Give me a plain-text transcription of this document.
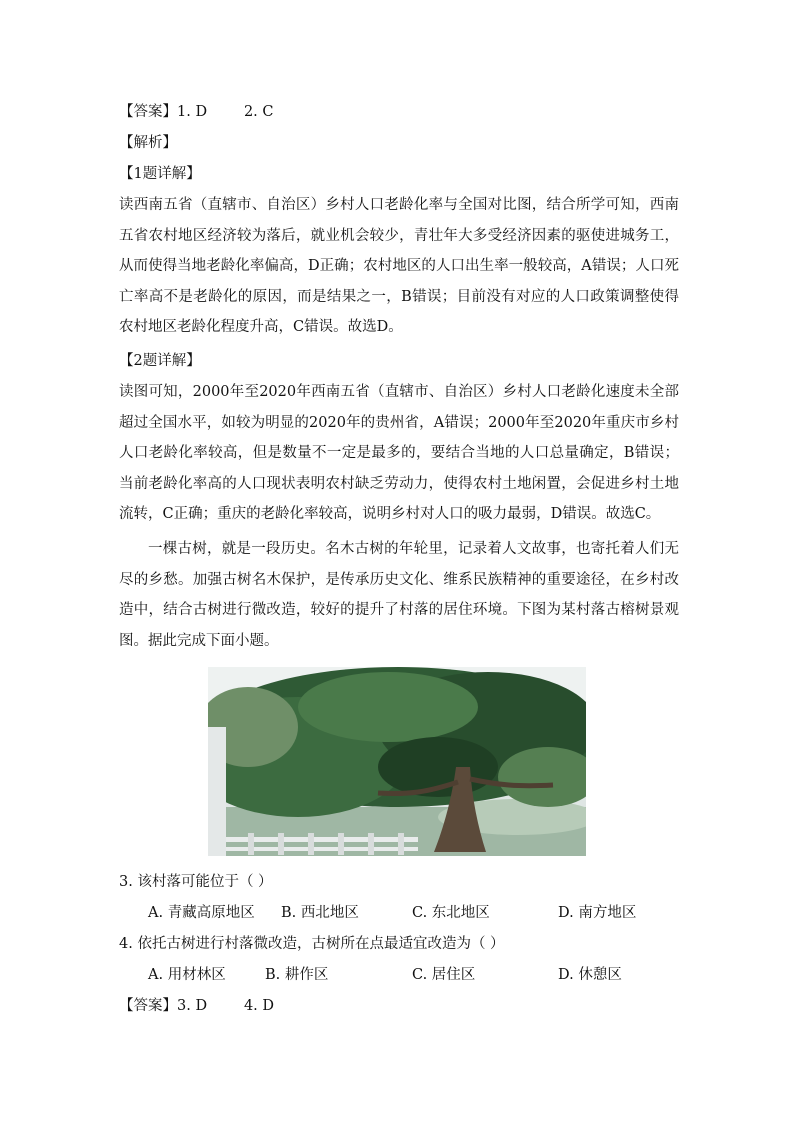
【答案】1. D        2. C
【解析】
【1题详解】
读西南五省（直辖市、自治区）乡村人口老龄化率与全国对比图，结合所学可知，西南五省农村地区经济较为落后，就业机会较少，青壮年大多受经济因素的驱使进城务工，从而使得当地老龄化率偏高，D正确；农村地区的人口出生率一般较高，A错误；人口死亡率高不是老龄化的原因，而是结果之一，B错误；目前没有对应的人口政策调整使得农村地区老龄化程度升高，C错误。故选D。
【2题详解】
读图可知，2000年至2020年西南五省（直辖市、自治区）乡村人口老龄化速度未全部超过全国水平，如较为明显的2020年的贵州省，A错误；2000年至2020年重庆市乡村人口老龄化率较高，但是数量不一定是最多的，要结合当地的人口总量确定，B错误；当前老龄化率高的人口现状表明农村缺乏劳动力，使得农村土地闲置，会促进乡村土地流转，C正确；重庆的老龄化率较高，说明乡村对人口的吸力最弱，D错误。故选C。
一棵古树，就是一段历史。名木古树的年轮里，记录着人文故事，也寄托着人们无尽的乡愁。加强古树名木保护，是传承历史文化、维系民族精神的重要途径，在乡村改造中，结合古树进行微改造，较好的提升了村落的居住环境。下图为某村落古榕树景观图。据此完成下面小题。
3. 该村落可能位于（ ）
A. 青藏高原地区 B. 西北地区	C. 东北地区	D. 南方地区
4. 依托古树进行村落微改造，古树所在点最适宜改造为（ ）
A. 用材林区	B. 耕作区	C. 居住区	D. 休憩区
【答案】3. D        4. D
